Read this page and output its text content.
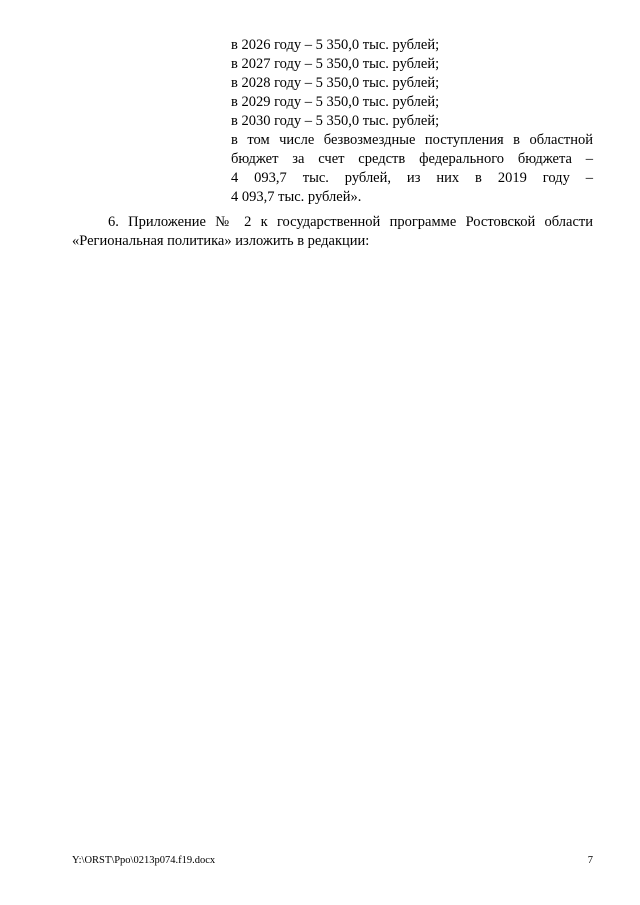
в 2026 году – 5 350,0 тыс. рублей;
в 2027 году – 5 350,0 тыс. рублей;
в 2028 году – 5 350,0 тыс. рублей;
в 2029 году – 5 350,0 тыс. рублей;
в 2030 году – 5 350,0 тыс. рублей;
в том числе безвозмездные поступления в областной
бюджет за счет средств федерального бюджета –
4 093,7 тыс. рублей, из них в 2019 году –
4 093,7 тыс. рублей».
6. Приложение № 2 к государственной программе Ростовской области
«Региональная политика» изложить в редакции:
Y:\ORST\Ppo\0213p074.f19.docx	7
